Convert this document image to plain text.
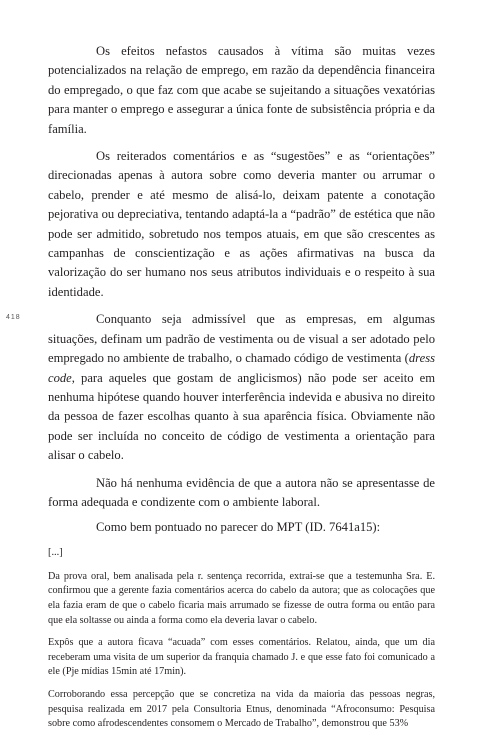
418

Os efeitos nefastos causados à vítima são muitas vezes potencializados na relação de emprego, em razão da dependência financeira do empregado, o que faz com que acabe se sujeitando a situações vexatórias para manter o emprego e assegurar a única fonte de subsistência própria e da família.

Os reiterados comentários e as “sugestões” e as “orientações” direcionadas apenas à autora sobre como deveria manter ou arrumar o cabelo, prender e até mesmo de alisá-lo, deixam patente a conotação pejorativa ou depreciativa, tentando adaptá-la a “padrão” de estética que não pode ser admitido, sobretudo nos tempos atuais, em que são crescentes as campanhas de conscientização e as ações afirmativas na busca da valorização do ser humano nos seus atributos individuais e o respeito à sua identidade.

Conquanto seja admissível que as empresas, em algumas situações, definam um padrão de vestimenta ou de visual a ser adotado pelo empregado no ambiente de trabalho, o chamado código de vestimenta (dress code, para aqueles que gostam de anglicismos) não pode ser aceito em nenhuma hipótese quando houver interferência indevida e abusiva no direito da pessoa de fazer escolhas quanto à sua aparência física. Obviamente não pode ser incluída no conceito de código de vestimenta a orientação para alisar o cabelo.

Não há nenhuma evidência de que a autora não se apresentasse de forma adequada e condizente com o ambiente laboral.

Como bem pontuado no parecer do MPT (ID. 7641a15):

[...]

Da prova oral, bem analisada pela r. sentença recorrida, extrai-se que a testemunha Sra. E. confirmou que a gerente fazia comentários acerca do cabelo da autora; que as colocações que ela fazia eram de que o cabelo ficaria mais arrumado se fizesse de outra forma ou então para que ela soltasse ou ainda a forma como ela deveria lavar o cabelo.

Expôs que a autora ficava “acuada” com esses comentários. Relatou, ainda, que um dia receberam uma visita de um superior da franquia chamado J. e que esse fato foi comunicado a ele (Pje mídias 15min até 17min).

Corroborando essa percepção que se concretiza na vida da maioria das pessoas negras, pesquisa realizada em 2017 pela Consultoria Etnus, denominada “Afroconsumo: Pesquisa sobre como afrodescendentes consomem o Mercado de Trabalho”, demonstrou que 53%
